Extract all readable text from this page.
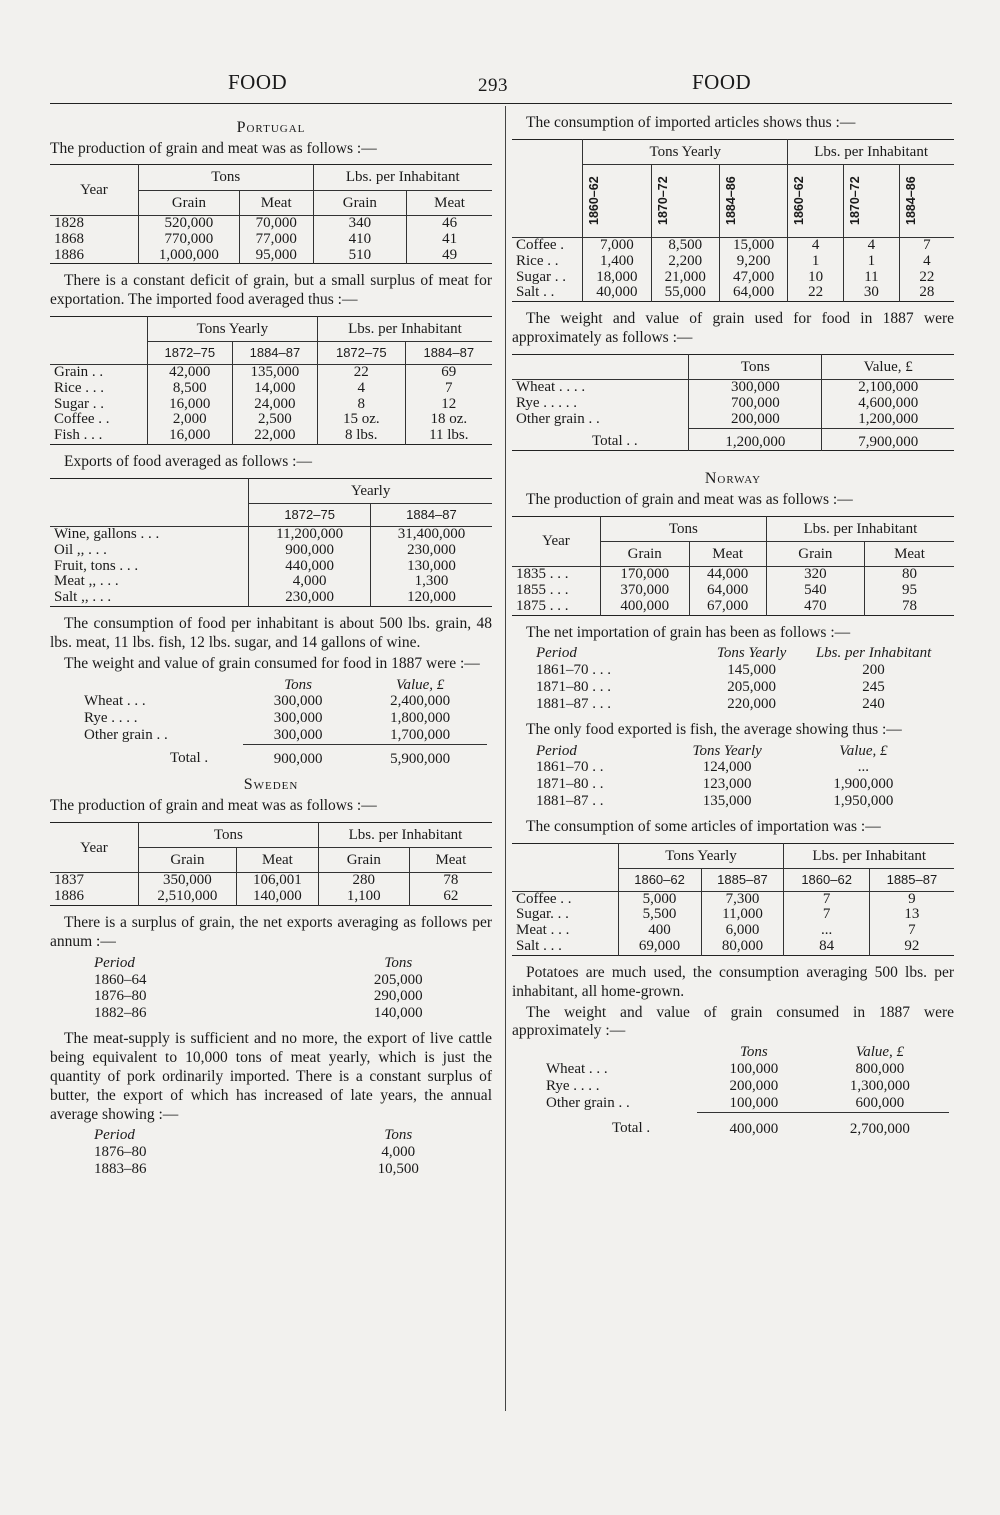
FOOD	293	FOOD
Portugal

The production of grain and meat was as follows :—

Year	Tons		Lbs. per Inhabitant	
	Grain	Meat	Grain	Meat
1828	520,000	70,000	340	46
1868	770,000	77,000	410	41
1886	1,000,000	95,000	510	49

There is a constant deficit of grain, but a small surplus of meat for exportation. The imported food averaged thus :—

	Tons Yearly		Lbs. per Inhabitant	
	1872–75	1884–87	1872–75	1884–87
Grain . .	42,000	135,000	22	69
Rice . . .	8,500	14,000	4	7
Sugar . .	16,000	24,000	8	12
Coffee . .	2,000	2,500	15 oz.	18 oz.
Fish . . .	16,000	22,000	8 lbs.	11 lbs.

Exports of food averaged as follows :—

	Yearly	
	1872–75	1884–87
Wine, gallons . . .	11,200,000	31,400,000
Oil ,, . . .	900,000	230,000
Fruit, tons . . .	440,000	130,000
Meat ,, . . .	4,000	1,300
Salt ,, . . .	230,000	120,000

The consumption of food per inhabitant is about 500 lbs. grain, 48 lbs. meat, 11 lbs. fish, 12 lbs. sugar, and 14 gallons of wine.

The weight and value of grain consumed for food in 1887 were :—

	Tons	Value, £
Wheat . . .	300,000	2,400,000
Rye . . . .	300,000	1,800,000
Other grain . .	300,000	1,700,000
Total .	900,000	5,900,000
Sweden

The production of grain and meat was as follows :—

Year	Tons		Lbs. per Inhabitant	
	Grain	Meat	Grain	Meat
1837	350,000	106,001	280	78
1886	2,510,000	140,000	1,100	62

There is a surplus of grain, the net exports averaging as follows per annum :—

Period	Tons
1860–64	205,000
1876–80	290,000
1882–86	140,000

The meat-supply is sufficient and no more, the export of live cattle being equivalent to 10,000 tons of meat yearly, which is just the quantity of pork ordinarily imported. There is a constant surplus of butter, the export of which has increased of late years, the annual average showing :—

Period	Tons
1876–80	4,000
1883–86	10,500

The consumption of imported articles shows thus :—

	Tons Yearly			Lbs. per Inhabitant		

	1860–62	1870–72	1884–86	1860–62	1870–72	1884–86

Coffee .	7,000	8,500	15,000	4	4	7
Rice . .	1,400	2,200	9,200	1	1	4
Sugar . .	18,000	21,000	47,000	10	11	22
Salt . .	40,000	55,000	64,000	22	30	28

The weight and value of grain used for food in 1887 were approximately as follows :—

	Tons	Value, £
Wheat . . . .	300,000	2,100,000
Rye . . . . .	700,000	4,600,000
Other grain . .	200,000	1,200,000
Total . .	1,200,000	7,900,000
Norway

The production of grain and meat was as follows :—

Year	Tons		Lbs. per Inhabitant	
	Grain	Meat	Grain	Meat
1835 . . .	170,000	44,000	320	80
1855 . . .	370,000	64,000	540	95
1875 . . .	400,000	67,000	470	78

The net importation of grain has been as follows :—

Period	Tons Yearly	Lbs. per Inhabitant
1861–70 . . .	145,000	200
1871–80 . . .	205,000	245
1881–87 . . .	220,000	240

The only food exported is fish, the average showing thus :—

Period	Tons Yearly	Value, £
1861–70 . .	124,000	...
1871–80 . .	123,000	1,900,000
1881–87 . .	135,000	1,950,000

The consumption of some articles of importation was :—

	Tons Yearly		Lbs. per Inhabitant	
	1860–62	1885–87	1860–62	1885–87
Coffee . .	5,000	7,300	7	9
Sugar. . .	5,500	11,000	7	13
Meat . . .	400	6,000	...	7
Salt . . .	69,000	80,000	84	92

Potatoes are much used, the consumption averaging 500 lbs. per inhabitant, all home-grown.

The weight and value of grain consumed in 1887 were approximately :—

	Tons	Value, £
Wheat . . .	100,000	800,000
Rye . . . .	200,000	1,300,000
Other grain . .	100,000	600,000
Total .	400,000	2,700,000
